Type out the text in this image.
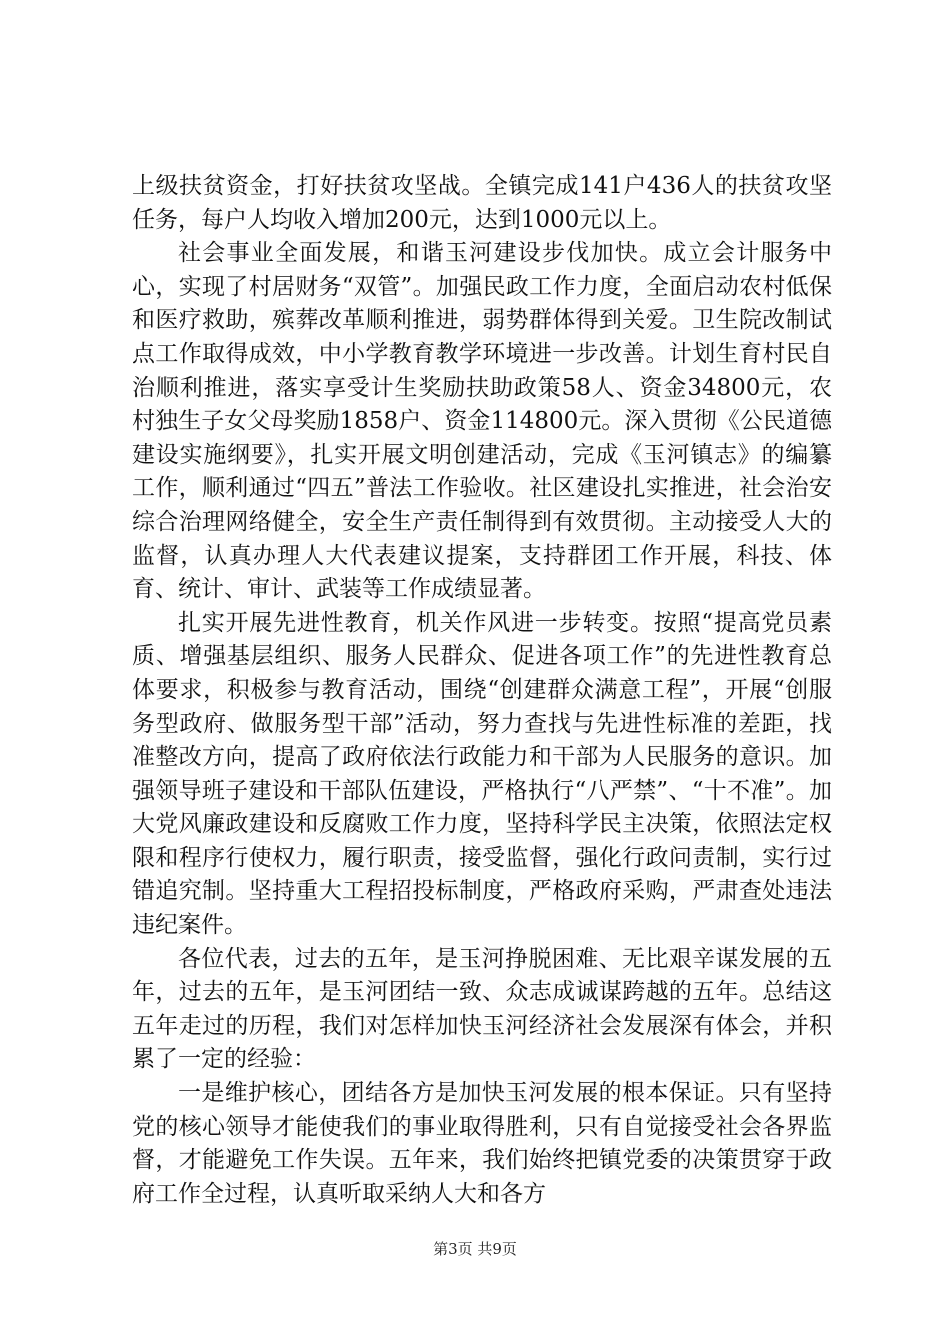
上级扶贫资金，打好扶贫攻坚战。全镇完成141户436人的扶贫攻坚任务，每户人均收入增加200元，达到1000元以上。

社会事业全面发展，和谐玉河建设步伐加快。成立会计服务中心，实现了村居财务“双管”。加强民政工作力度，全面启动农村低保和医疗救助，殡葬改革顺利推进，弱势群体得到关爱。卫生院改制试点工作取得成效，中小学教育教学环境进一步改善。计划生育村民自治顺利推进，落实享受计生奖励扶助政策58人、资金34800元，农村独生子女父母奖励1858户、资金114800元。深入贯彻《公民道德建设实施纲要》，扎实开展文明创建活动，完成《玉河镇志》的编纂工作，顺利通过“四五”普法工作验收。社区建设扎实推进，社会治安综合治理网络健全，安全生产责任制得到有效贯彻。主动接受人大的监督，认真办理人大代表建议提案，支持群团工作开展，科技、体育、统计、审计、武装等工作成绩显著。

扎实开展先进性教育，机关作风进一步转变。按照“提高党员素质、增强基层组织、服务人民群众、促进各项工作”的先进性教育总体要求，积极参与教育活动，围绕“创建群众满意工程”，开展“创服务型政府、做服务型干部”活动，努力查找与先进性标准的差距，找准整改方向，提高了政府依法行政能力和干部为人民服务的意识。加强领导班子建设和干部队伍建设，严格执行“八严禁”、“十不准”。加大党风廉政建设和反腐败工作力度，坚持科学民主决策，依照法定权限和程序行使权力，履行职责，接受监督，强化行政问责制，实行过错追究制。坚持重大工程招投标制度，严格政府采购，严肃查处违法违纪案件。

各位代表，过去的五年，是玉河挣脱困难、无比艰辛谋发展的五年，过去的五年，是玉河团结一致、众志成诚谋跨越的五年。总结这五年走过的历程，我们对怎样加快玉河经济社会发展深有体会，并积累了一定的经验：

一是维护核心，团结各方是加快玉河发展的根本保证。只有坚持党的核心领导才能使我们的事业取得胜利，只有自觉接受社会各界监督，才能避免工作失误。五年来，我们始终把镇党委的决策贯穿于政府工作全过程，认真听取采纳人大和各方

第3页 共9页
